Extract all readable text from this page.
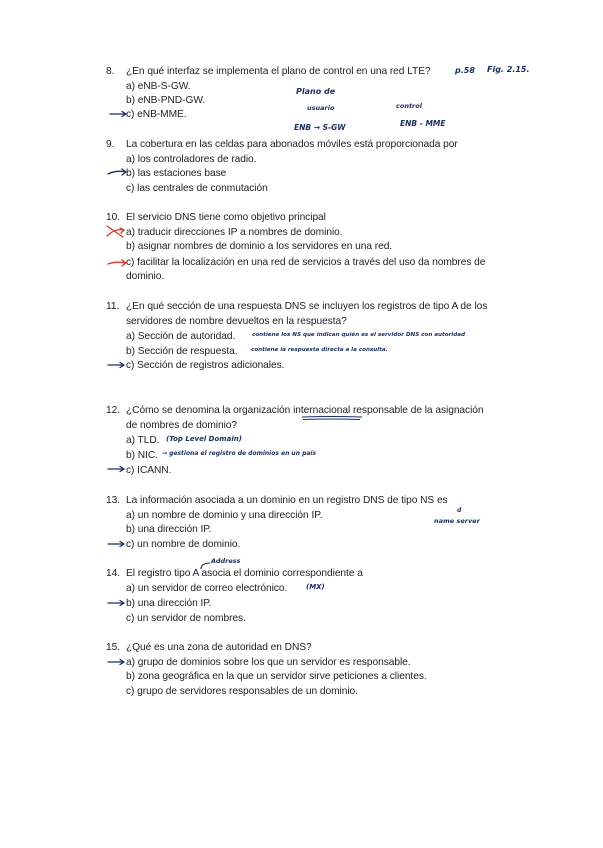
8. ¿En qué interfaz se implementa el plano de control en una red LTE?
a) eNB-S-GW.
b) eNB-PND-GW.
c) eNB-MME.
9. La cobertura en las celdas para abonados móviles está proporcionada por
a) los controladores de radio.
b) las estaciones base
c) las centrales de conmutación
10. El servicio DNS tiene como objetivo principal
a) traducir direcciones IP a nombres de dominio.
b) asignar nombres de dominio a los servidores en una red.
c) facilitar la localización en una red de servicios a través del uso da nombres de
dominio.
11. ¿En qué sección de una respuesta DNS se incluyen los registros de tipo A de los
servidores de nombre devueltos en la respuesta?
a) Sección de autoridad.
b) Sección de respuesta.
c) Sección de registros adicionales.
12. ¿Cómo se denomina la organización internacional responsable de la asignación
de nombres de dominio?
a) TLD.
b) NIC.
c) ICANN.
13. La información asociada a un dominio en un registro DNS de tipo NS es
a) un nombre de dominio y una dirección IP.
b) una dirección IP.
c) un nombre de dominio.
14. El registro tipo A asocia el dominio correspondiente a
a) un servidor de correo electrónico.
b) una dirección IP.
c) un servidor de nombres.
15. ¿Qué es una zona de autoridad en DNS?
a) grupo de dominios sobre los que un servidor es responsable.
b) zona geográfica en la que un servidor sirve peticiones a clientes.
c) grupo de servidores responsables de un dominio.
p.58 Fig. 2.15.
Plano de
usuario	control
ENB → S-GW	ENB - MME
contiene los NS que indican quién es el servidor DNS con autoridad
contiene la respuesta directa a la consulta.
(Top Level Domain)
→ gestiona el registro de dominios en un país
d
name server
Address
(MX)
